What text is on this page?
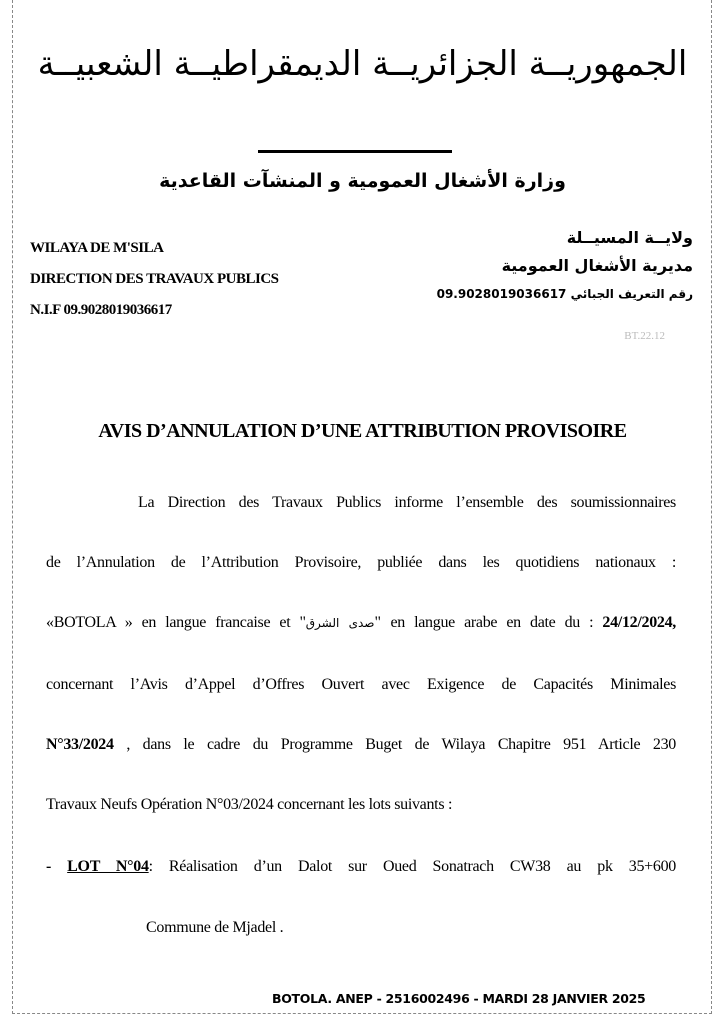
الجمهوريــة الجزائريــة الديمقراطيــة الشعبيــة
وزارة الأشغال العمومية و المنشآت القاعدية
WILAYA DE M'SILA
DIRECTION DES TRAVAUX PUBLICS
N.I.F 09.9028019036617
ولايــة المسيــلة
مديرية الأشغال العمومية
رقم التعريف الجبائي 09.9028019036617
BT.22.12
AVIS D’ANNULATION D’UNE ATTRIBUTION PROVISOIRE
La Direction des Travaux Publics informe l’ensemble des soumissionnaires
de l’Annulation de l’Attribution Provisoire, publiée dans les quotidiens nationaux :
«BOTOLA » en langue francaise et "صدى الشرق" en langue arabe en date du : 24/12/2024,
concernant l’Avis d’Appel d’Offres Ouvert avec Exigence de Capacités Minimales
N°33/2024 , dans le cadre du Programme Buget de Wilaya Chapitre 951 Article 230
Travaux Neufs Opération N°03/2024 concernant les lots suivants :
- LOT N°04: Réalisation d’un Dalot sur Oued Sonatrach CW38 au pk 35+600
Commune de Mjadel .
BOTOLA. ANEP - 2516002496 - MARDI 28 JANVIER 2025
